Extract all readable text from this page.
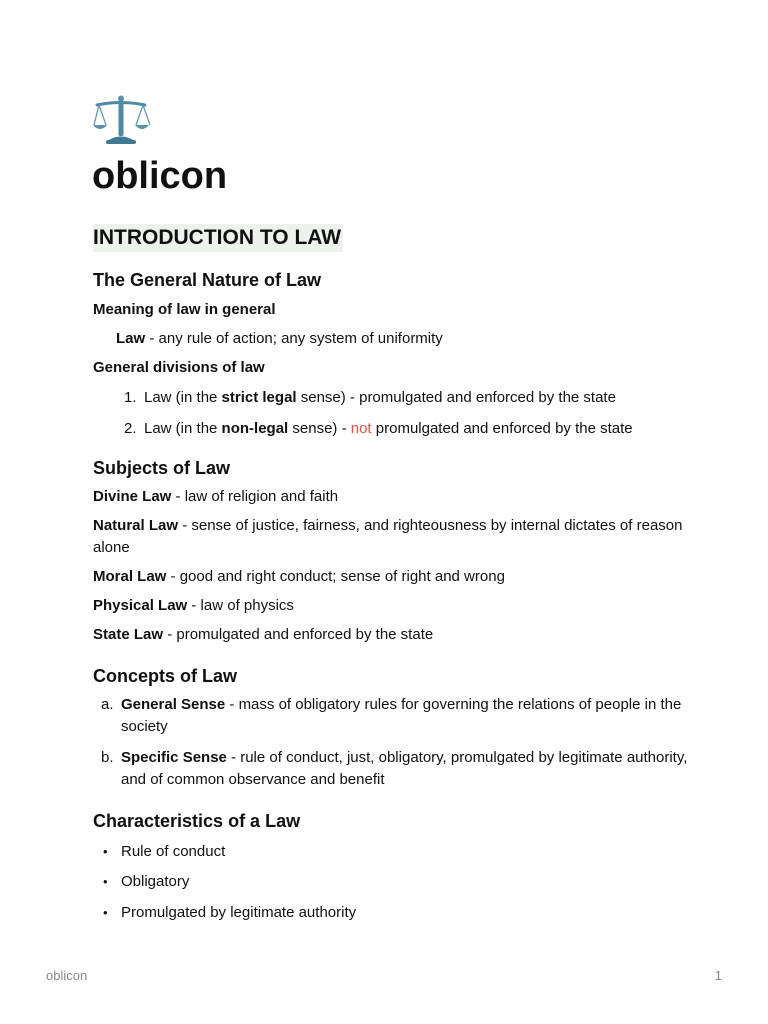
oblicon
INTRODUCTION TO LAW
The General Nature of Law

Meaning of law in general

Law - any rule of action; any system of uniformity

General divisions of law

1. Law (in the strict legal sense) - promulgated and enforced by the state
2. Law (in the non-legal sense) - not promulgated and enforced by the state
Subjects of Law

Divine Law - law of religion and faith

Natural Law - sense of justice, fairness, and righteousness by internal dictates of reason alone

Moral Law - good and right conduct; sense of right and wrong

Physical Law - law of physics

State Law - promulgated and enforced by the state

Concepts of Law
a. General Sense - mass of obligatory rules for governing the relations of people in the society
b. Specific Sense - rule of conduct, just, obligatory, promulgated by legitimate authority, and of common observance and benefit
Characteristics of a Law
• Rule of conduct
• Obligatory
• Promulgated by legitimate authority
oblicon	1
